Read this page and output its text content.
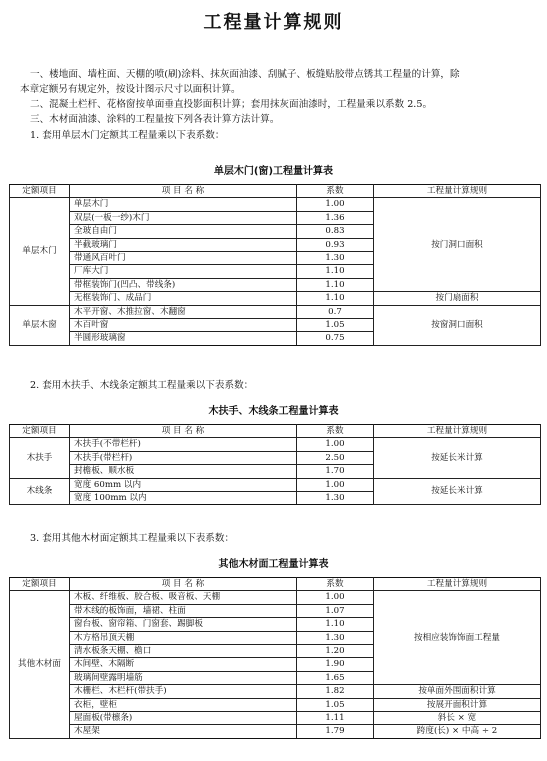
工程量计算规则
一、楼地面、墙柱面、天棚的喷(刷)涂料、抹灰面油漆、刮腻子、板缝贴胶带点锈其工程量的计算，除
本章定额另有规定外，按设计图示尺寸以面积计算。
二、混凝土栏杆、花格窗按单面垂直投影面积计算；套用抹灰面油漆时，工程量乘以系数 2.5。
三、木材面油漆、涂料的工程量按下列各表计算方法计算。
1. 套用单层木门定额其工程量乘以下表系数：
单层木门(窗)工程量计算表
定额项目	项 目 名 称	系数	工程量计算规则
单层木门	单层木门	1.00	按门洞口面积
	双层(一板一纱)木门	1.36	
	全玻自由门	0.83	
	半截玻璃门	0.93	
	带通风百叶门	1.30	
	厂库大门	1.10	
	带框装饰门(凹凸、带线条)	1.10	
	无框装饰门、成品门	1.10	按门扇面积
单层木窗	木平开窗、木推拉窗、木翻窗	0.7	按窗洞口面积
	木百叶窗	1.05	
	半圆形玻璃窗	0.75	
2. 套用木扶手、木线条定额其工程量乘以下表系数：
木扶手、木线条工程量计算表
定额项目	项 目 名 称	系数	工程量计算规则
木扶手	木扶手(不带栏杆)	1.00	按延长米计算
	木扶手(带栏杆)	2.50	
	封檐板、顺水板	1.70	
木线条	宽度 60mm 以内	1.00	按延长米计算
	宽度 100mm 以内	1.30	
3. 套用其他木材面定额其工程量乘以下表系数：
其他木材面工程量计算表
定额项目	项 目 名 称	系数	工程量计算规则
其他木材面	木板、纤维板、胶合板、吸音板、天棚	1.00	按相应装饰饰面工程量
	带木线的板饰面，墙裙、柱面	1.07	
	窗台板、窗帘箱、门窗套、踢脚板	1.10	
	木方格吊顶天棚	1.30	
	清水板条天棚、檐口	1.20	
	木间壁、木隔断	1.90	
	玻璃间壁露明墙筋	1.65	
	木栅栏、木栏杆(带扶手)	1.82	按单面外围面积计算
	衣柜，壁柜	1.05	按展开面积计算
	屋面板(带檩条)	1.11	斜长 × 宽
	木屋架	1.79	跨度(长) × 中高 ÷ 2
